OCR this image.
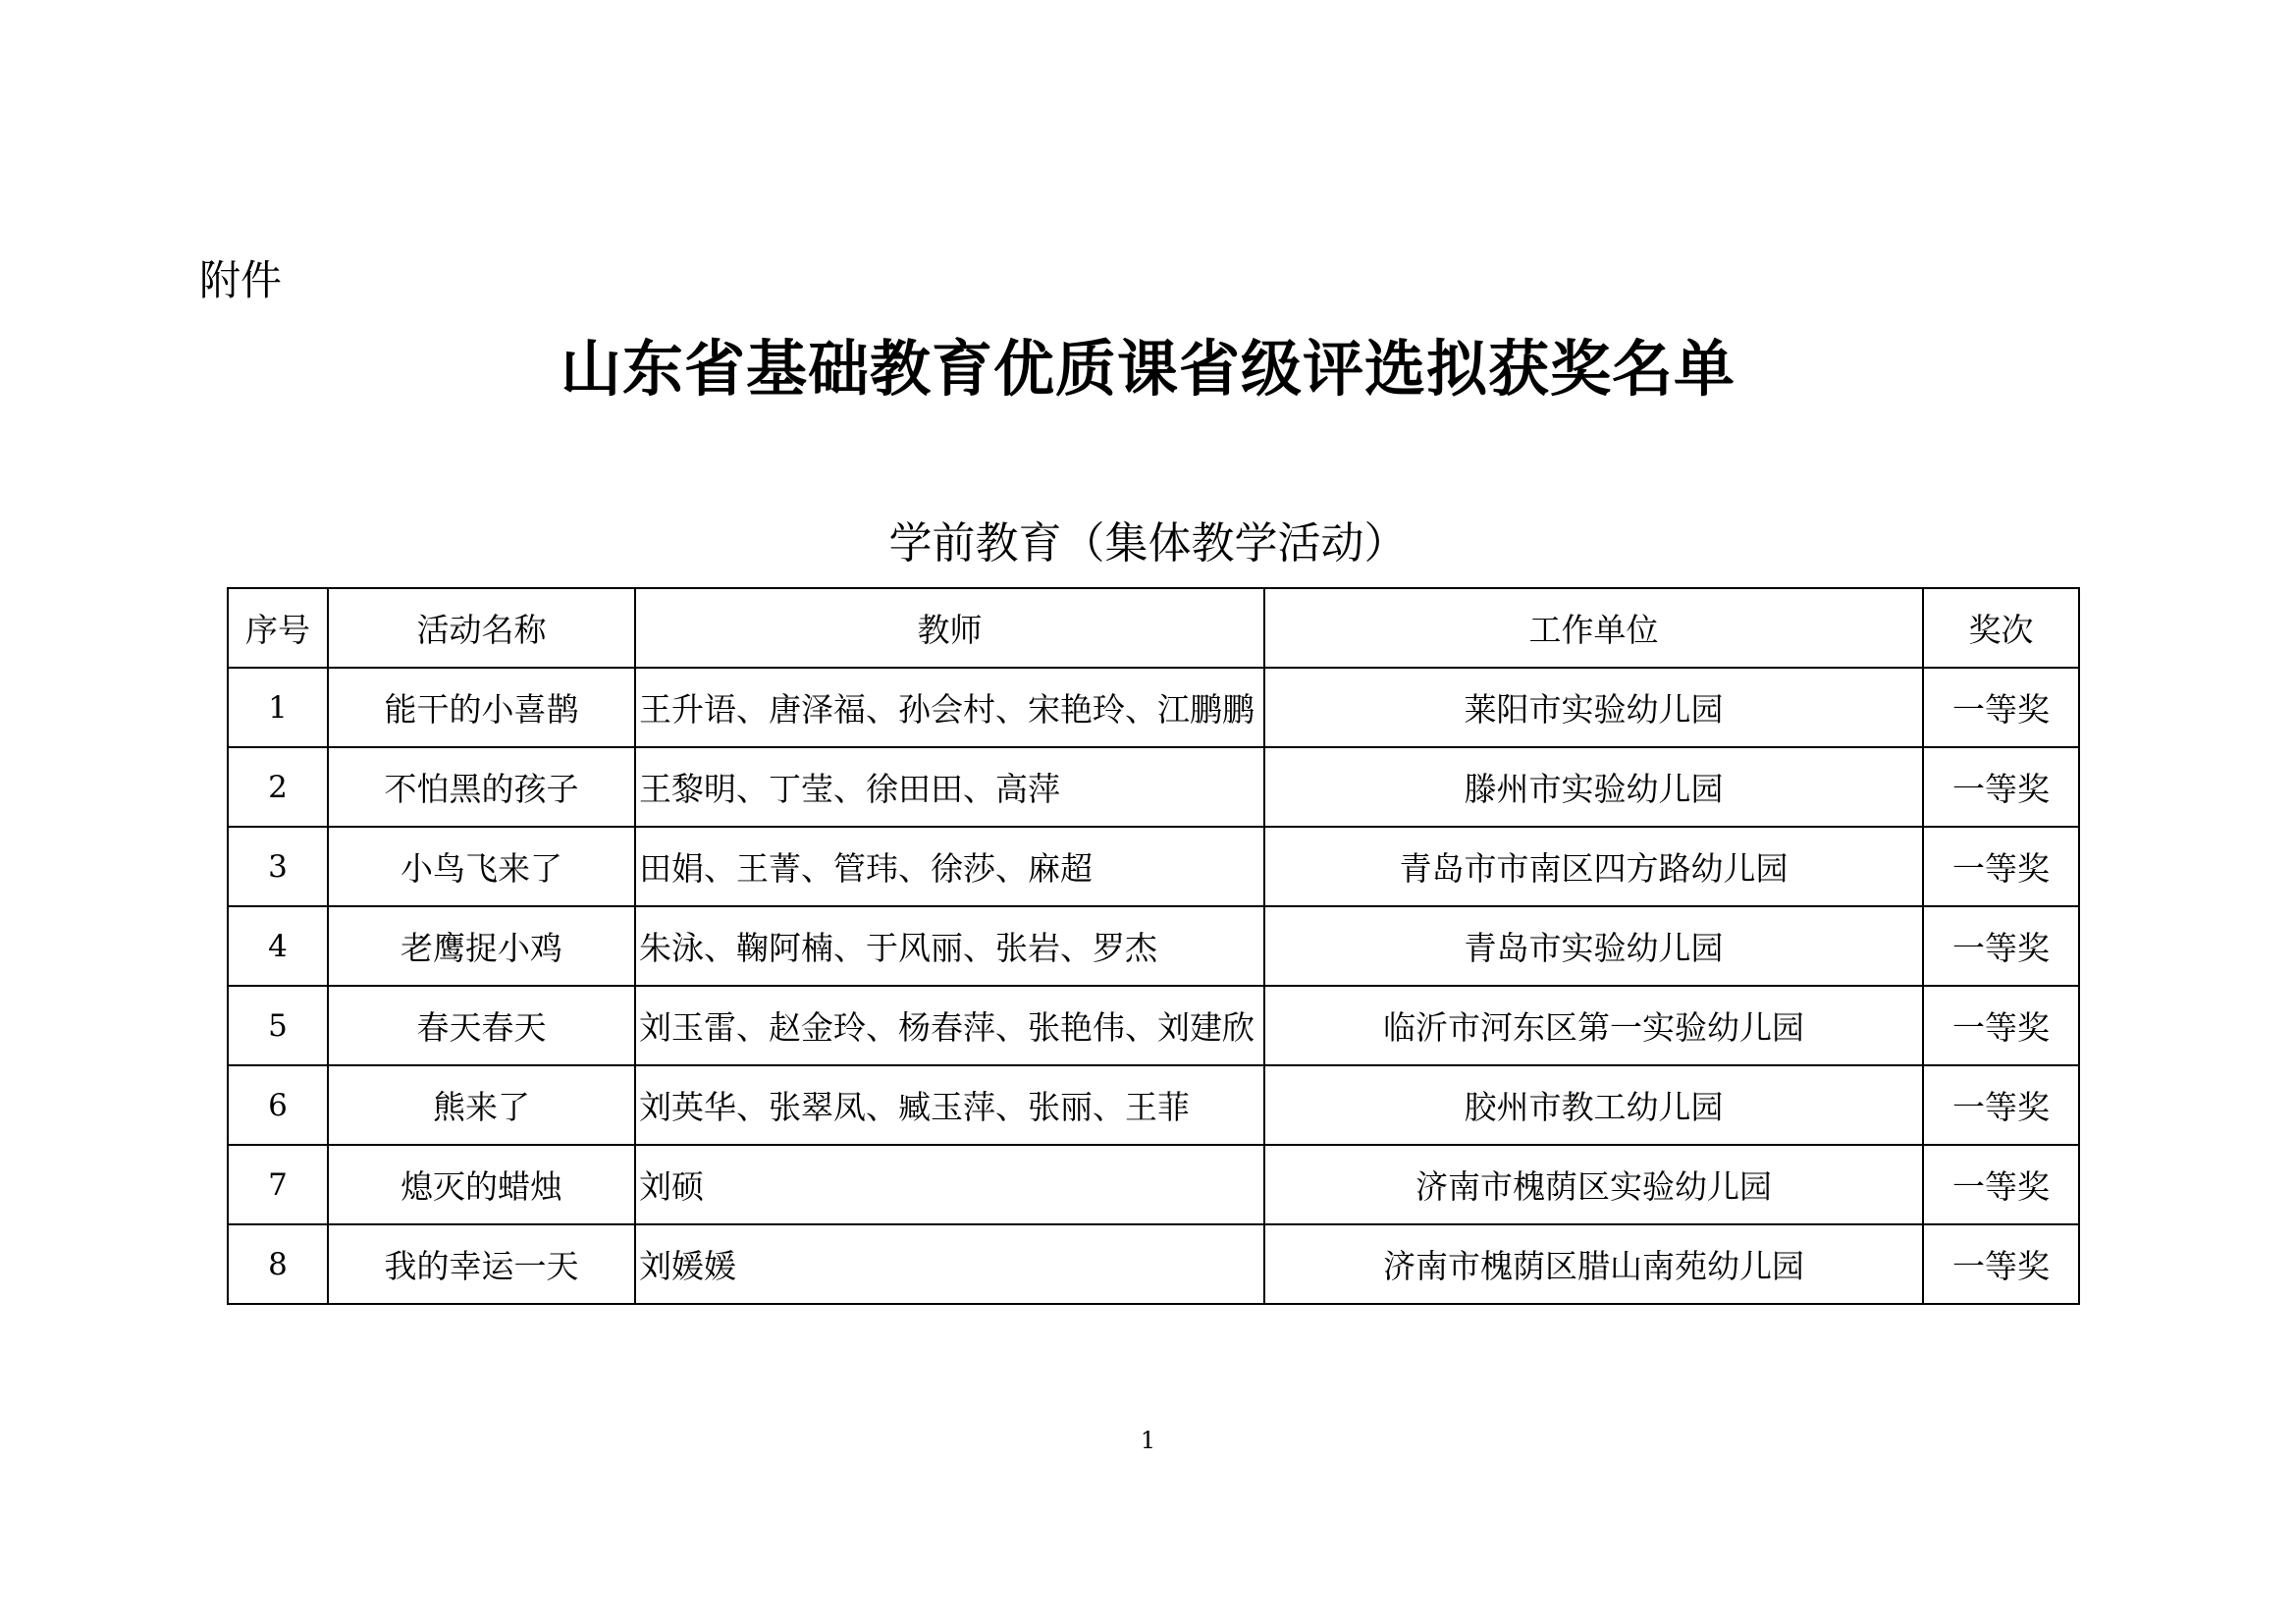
附件
山东省基础教育优质课省级评选拟获奖名单
学前教育（集体教学活动）
序号	活动名称	教师	工作单位	奖次
1	能干的小喜鹊	王升语、唐泽福、孙会村、宋艳玲、江鹏鹏	莱阳市实验幼儿园	一等奖
2	不怕黑的孩子	王黎明、丁莹、徐田田、高萍	滕州市实验幼儿园	一等奖
3	小鸟飞来了	田娟、王菁、管玮、徐莎、麻超	青岛市市南区四方路幼儿园	一等奖
4	老鹰捉小鸡	朱泳、鞠阿楠、于风丽、张岩、罗杰	青岛市实验幼儿园	一等奖
5	春天春天	刘玉雷、赵金玲、杨春萍、张艳伟、刘建欣	临沂市河东区第一实验幼儿园	一等奖
6	熊来了	刘英华、张翠凤、臧玉萍、张丽、王菲	胶州市教工幼儿园	一等奖
7	熄灭的蜡烛	刘硕	济南市槐荫区实验幼儿园	一等奖
8	我的幸运一天	刘媛媛	济南市槐荫区腊山南苑幼儿园	一等奖
1
